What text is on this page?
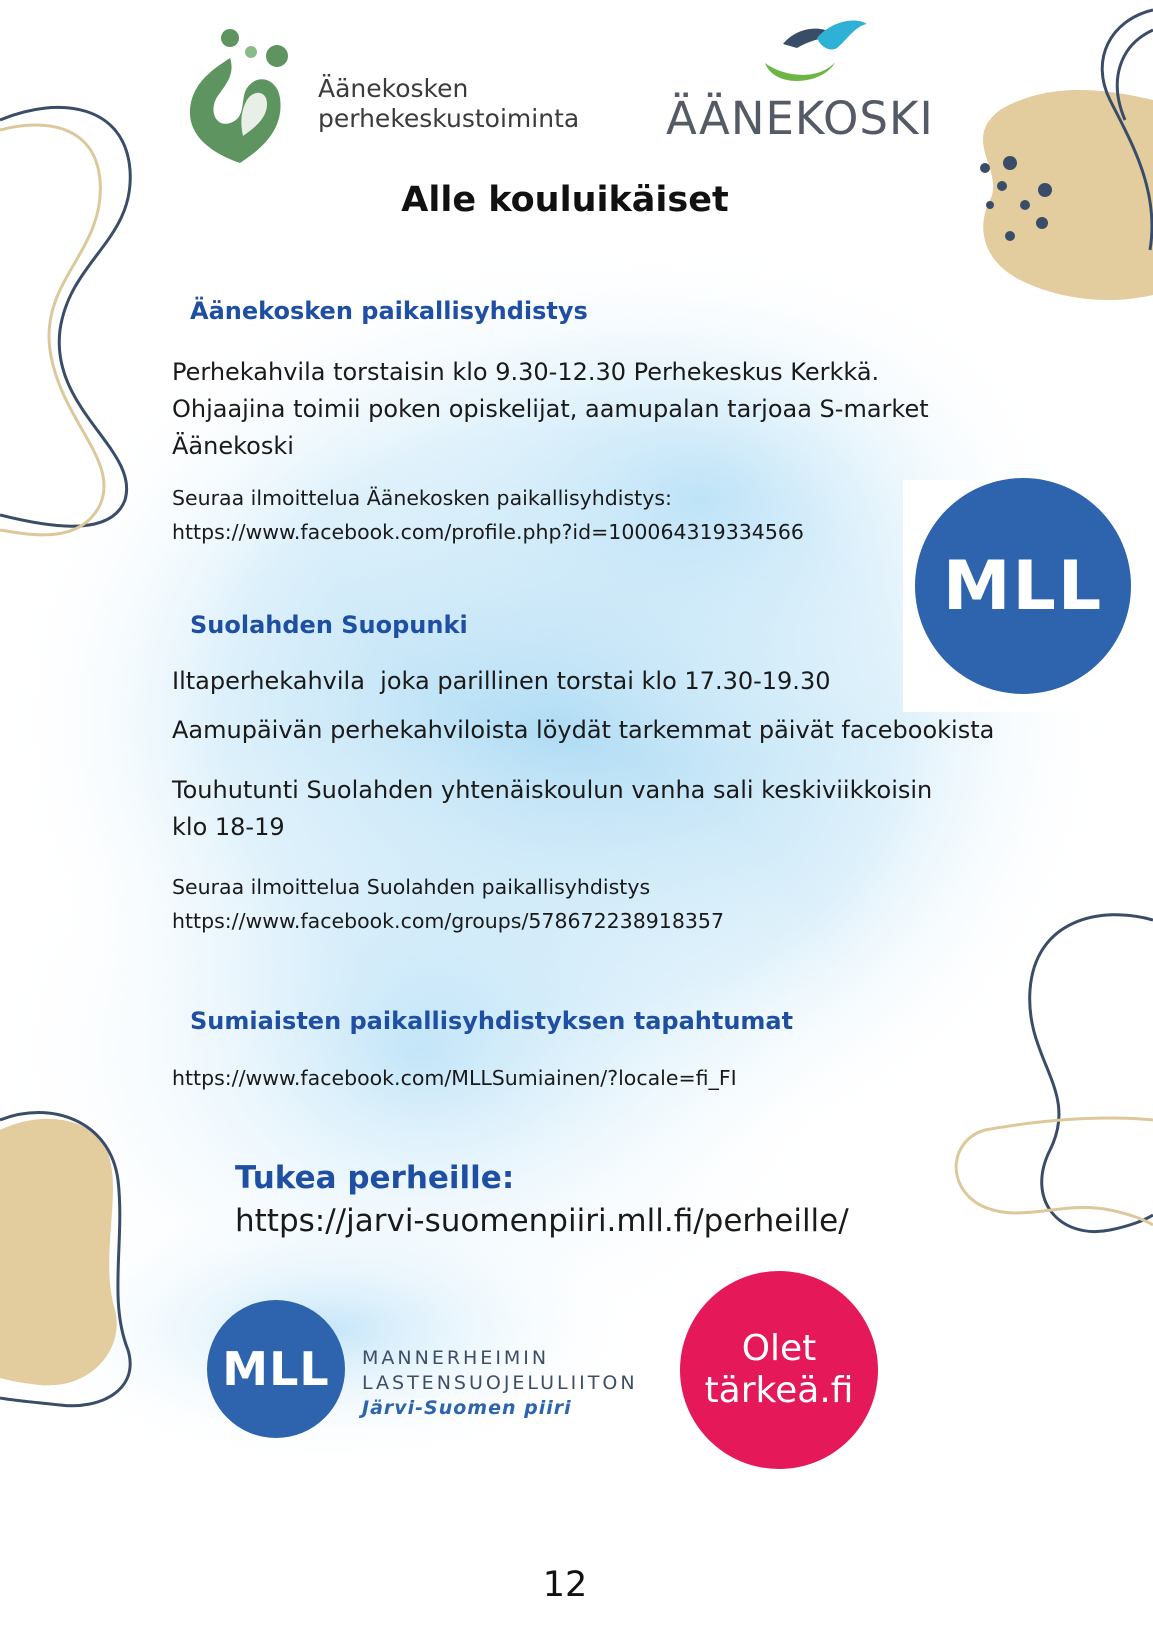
Äänekosken
perhekeskustoiminta ÄÄNEKOSKI
Alle kouluikäiset
Äänekosken paikallisyhdistys
Perhekahvila torstaisin klo 9.30-12.30 Perhekeskus Kerkkä.
Ohjaajina toimii poken opiskelijat, aamupalan tarjoaa S-market
Äänekoski
Seuraa ilmoittelua Äänekosken paikallisyhdistys:
https://www.facebook.com/profile.php?id=100064319334566
MLL
Suolahden Suopunki
Iltaperhekahvila  joka parillinen torstai klo 17.30-19.30
Aamupäivän perhekahviloista löydät tarkemmat päivät facebookista
Touhutunti Suolahden yhtenäiskoulun vanha sali keskiviikkoisin
klo 18-19
Seuraa ilmoittelua Suolahden paikallisyhdistys
https://www.facebook.com/groups/578672238918357
Sumiaisten paikallisyhdistyksen tapahtumat
https://www.facebook.com/MLLSumiainen/?locale=fi_FI
Tukea perheille:
https://jarvi-suomenpiiri.mll.fi/perheille/
MLL MANNERHEIMIN
LASTENSUOJELULIITON
Järvi-Suomen piiri
Olet
tärkeä.fi
12
